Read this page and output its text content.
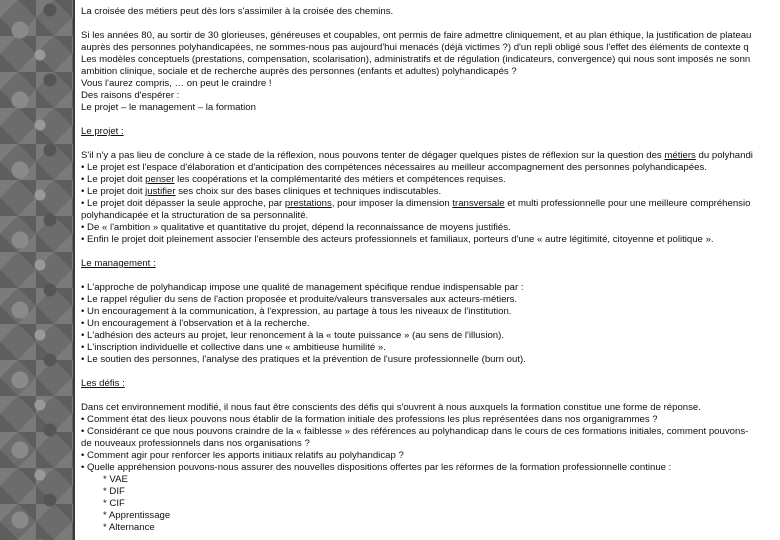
La croisée des métiers peut dès lors s'assimiler à la croisée des chemins.
Si les années 80, au sortir de 30 glorieuses, généreuses et coupables, ont permis de faire admettre cliniquement, et au plan éthique, la justification de plateau
auprès des personnes polyhandicapées, ne sommes-nous pas aujourd'hui menacés (déjà victimes ?) d'un repli obligé sous l'effet des éléments de contexte q
Les modèles conceptuels (prestations, compensation, scolarisation), administratifs et de régulation (indicateurs, convergence) qui nous sont imposés ne sonn
ambition clinique, sociale et de recherche auprès des personnes (enfants et adultes) polyhandicapés ?
Vous l'aurez compris, … on peut le craindre !
Des raisons d'espérer :
Le projet – le management – la formation
Le projet :
S'il n'y a pas lieu de conclure à ce stade de la réflexion, nous pouvons tenter de dégager quelques pistes de réflexion sur la question des métiers du polyhandi
• Le projet est l'espace d'élaboration et d'anticipation des compétences nécessaires au meilleur accompagnement des personnes polyhandicapées.
• Le projet doit penser les coopérations et la complémentarité des métiers et compétences requises.
• Le projet doit justifier ses choix sur des bases cliniques et techniques indiscutables.
• Le projet doit dépasser la seule approche, par prestations, pour imposer la dimension transversale et multi professionnelle pour une meilleure compréhensio
polyhandicapée et la structuration de sa personnalité.
• De « l'ambition » qualitative et quantitative du projet, dépend la reconnaissance de moyens justifiés.
• Enfin le projet doit pleinement associer l'ensemble des acteurs professionnels et familiaux, porteurs d'une « autre légitimité, citoyenne et politique ».
Le management :
• L'approche de polyhandicap impose une qualité de management spécifique rendue indispensable par :
• Le rappel régulier du sens de l'action proposée et produite/valeurs transversales aux acteurs-métiers.
• Un encouragement à la communication, à l'expression, au partage à tous les niveaux de l'institution.
• Un encouragement à l'observation et à la recherche.
• L'adhésion des acteurs au projet, leur renoncement à la « toute puissance » (au sens de l'illusion).
• L'inscription individuelle et collective dans une « ambitieuse humilité ».
• Le soutien des personnes, l'analyse des pratiques et la prévention de l'usure professionnelle (burn out).
Les défis :
Dans cet environnement modifié, il nous faut être conscients des défis qui s'ouvrent à nous auxquels la formation constitue une forme de réponse.
• Comment état des lieux pouvons nous établir de la formation initiale des professions les plus représentées dans nos organigrammes ?
• Considérant ce que nous pouvons craindre de la « faiblesse » des références au polyhandicap dans le cours de ces formations initiales, comment pouvons-
de nouveaux professionnels dans nos organisations ?
• Comment agir pour renforcer les apports initiaux relatifs au polyhandicap ?
• Quelle appréhension pouvons-nous assurer des nouvelles dispositions offertes par les réformes de la formation professionnelle continue :
* VAE
* DIF
* CIF
* Apprentissage
* Alternance
